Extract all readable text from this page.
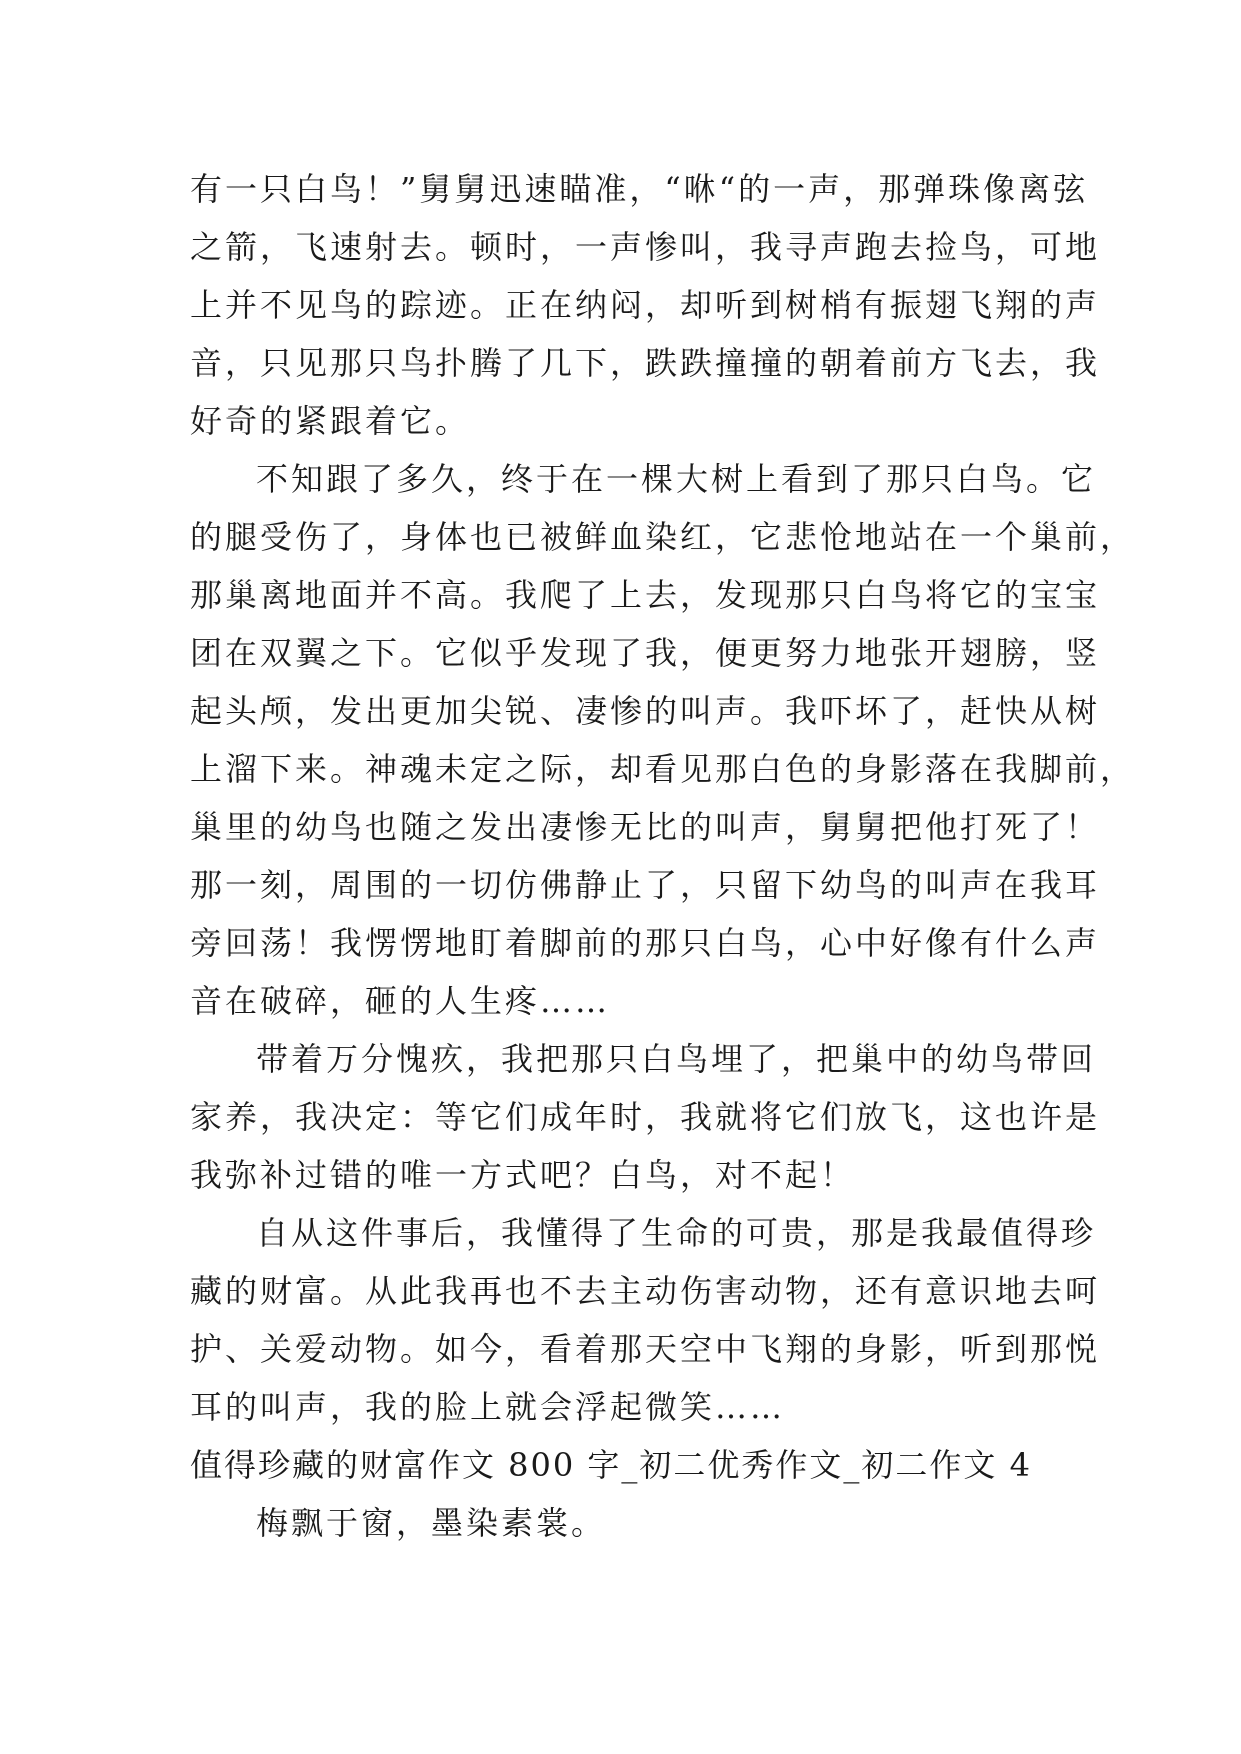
有一只白鸟！”舅舅迅速瞄准，“咻“的一声，那弹珠像离弦
之箭，飞速射去。顿时，一声惨叫，我寻声跑去捡鸟，可地
上并不见鸟的踪迹。正在纳闷，却听到树梢有振翅飞翔的声
音，只见那只鸟扑腾了几下，跌跌撞撞的朝着前方飞去，我
好奇的紧跟着它。

不知跟了多久，终于在一棵大树上看到了那只白鸟。它
的腿受伤了，身体也已被鲜血染红，它悲怆地站在一个巢前，
那巢离地面并不高。我爬了上去，发现那只白鸟将它的宝宝
团在双翼之下。它似乎发现了我，便更努力地张开翅膀，竖
起头颅，发出更加尖锐、凄惨的叫声。我吓坏了，赶快从树
上溜下来。神魂未定之际，却看见那白色的身影落在我脚前，
巢里的幼鸟也随之发出凄惨无比的叫声，舅舅把他打死了！
那一刻，周围的一切仿佛静止了，只留下幼鸟的叫声在我耳
旁回荡！我愣愣地盯着脚前的那只白鸟，心中好像有什么声
音在破碎，砸的人生疼……

带着万分愧疚，我把那只白鸟埋了，把巢中的幼鸟带回
家养，我决定：等它们成年时，我就将它们放飞，这也许是
我弥补过错的唯一方式吧？白鸟，对不起！

自从这件事后，我懂得了生命的可贵，那是我最值得珍
藏的财富。从此我再也不去主动伤害动物，还有意识地去呵
护、关爱动物。如今，看着那天空中飞翔的身影，听到那悦
耳的叫声，我的脸上就会浮起微笑……

值得珍藏的财富作文 800 字_初二优秀作文_初二作文 4

梅飘于窗，墨染素裳。
